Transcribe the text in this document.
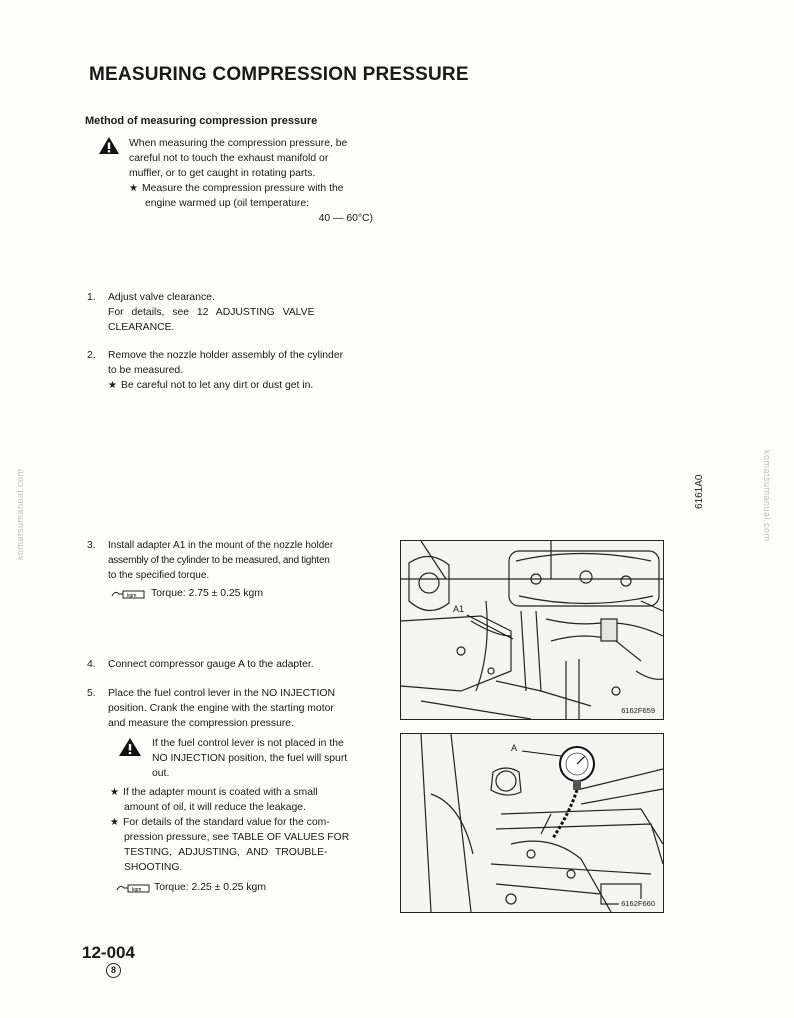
MEASURING COMPRESSION PRESSURE
Method of measuring compression pressure
When measuring the compression pressure, be
careful not to touch the exhaust manifold or
muffler, or to get caught in rotating parts.
★ Measure the compression pressure with the
engine warmed up (oil temperature:
40 — 60°C)
1. Adjust valve clearance.
For details, see 12 ADJUSTING VALVE
CLEARANCE.
2. Remove the nozzle holder assembly of the cylinder
to be measured.
★ Be careful not to let any dirt or dust get in.
3. Install adapter A1 in the mount of the nozzle holder
assembly of the cylinder to be measured, and tighten
to the specified torque.
kgm Torque: 2.75 ± 0.25 kgm
4. Connect compressor gauge A to the adapter.
5. Place the fuel control lever in the NO INJECTION
position. Crank the engine with the starting motor
and measure the compression pressure.
If the fuel control lever is not placed in the
NO INJECTION position, the fuel will spurt
out.
★ If the adapter mount is coated with a small
amount of oil, it will reduce the leakage.
★ For details of the standard value for the com-
pression pressure, see TABLE OF VALUES FOR
TESTING, ADJUSTING, AND TROUBLE-
SHOOTING.
kgm Torque: 2.25 ± 0.25 kgm
A1
6162F659
A
6162F660
6161A0
komatsumanual.com	komatsumanual.com
12-004
8
